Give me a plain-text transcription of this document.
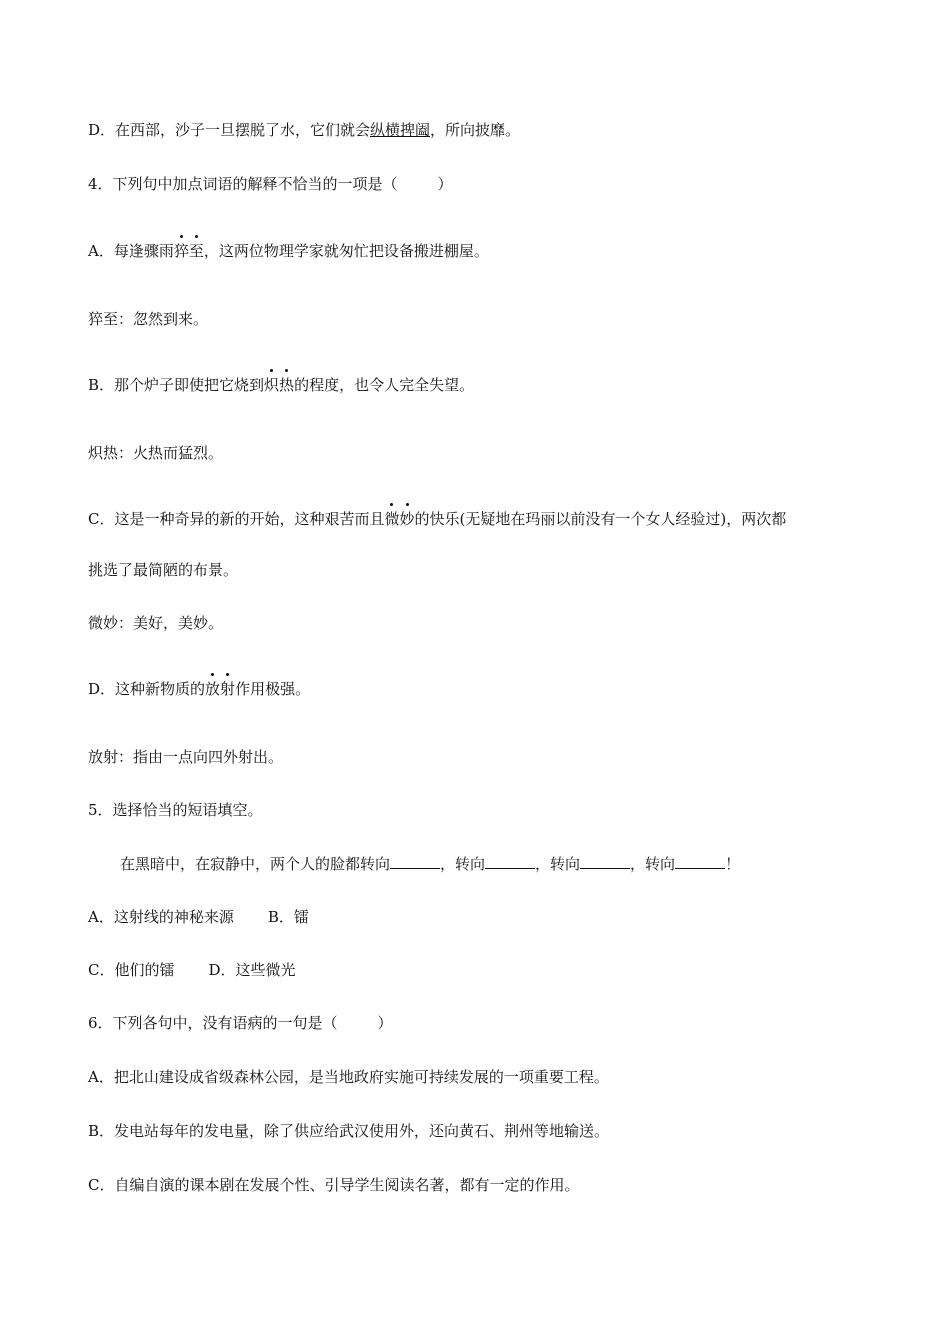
D．在西部，沙子一旦摆脱了水，它们就会纵横捭阖，所向披靡。
4．下列句中加点词语的解释不恰当的一项是（	）
A．每逢骤雨猝至，这两位物理学家就匆忙把设备搬进棚屋。
猝至：忽然到来。
B．那个炉子即使把它烧到炽热的程度，也令人完全失望。
炽热：火热而猛烈。
C．这是一种奇异的新的开始，这种艰苦而且微妙的快乐(无疑地在玛丽以前没有一个女人经验过)，两次都
挑选了最简陋的布景。
微妙：美好，美妙。
D．这种新物质的放射作用极强。
放射：指由一点向四外射出。
5．选择恰当的短语填空。
在黑暗中，在寂静中，两个人的脸都转向	，转向	，转向	，转向	！
A．这射线的神秘来源 B．镭
C．他们的镭 D．这些微光
6．下列各句中，没有语病的一句是（	）
A．把北山建设成省级森林公园，是当地政府实施可持续发展的一项重要工程。
B．发电站每年的发电量，除了供应给武汉使用外，还向黄石、荆州等地输送。
C．自编自演的课本剧在发展个性、引导学生阅读名著，都有一定的作用。
